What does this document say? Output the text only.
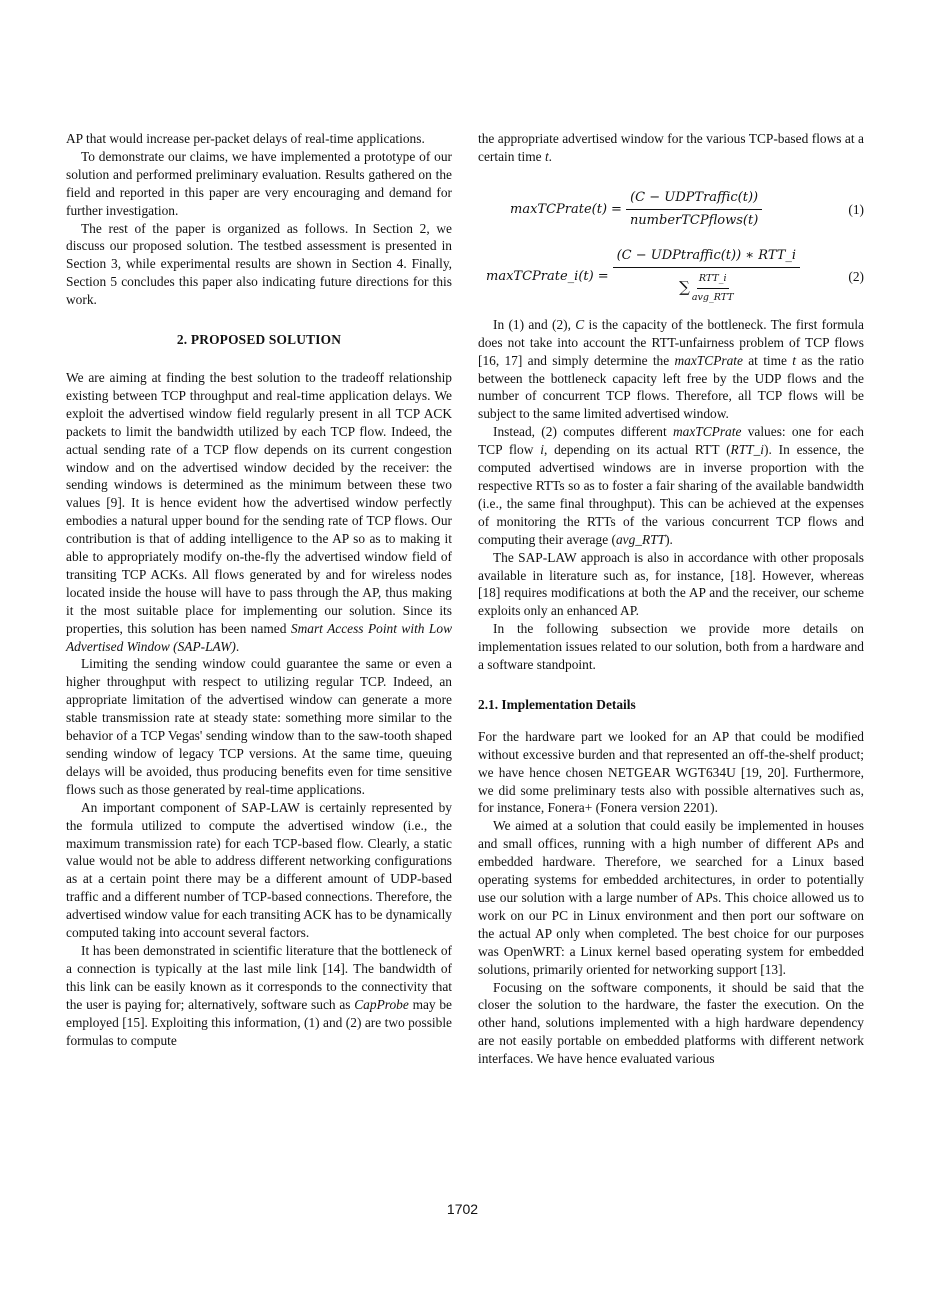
AP that would increase per-packet delays of real-time applications.

To demonstrate our claims, we have implemented a prototype of our solution and performed preliminary evaluation. Results gathered on the field and reported in this paper are very encouraging and demand for further investigation.

The rest of the paper is organized as follows. In Section 2, we discuss our proposed solution. The testbed assessment is presented in Section 3, while experimental results are shown in Section 4. Finally, Section 5 concludes this paper also indicating future directions for this work.

2. PROPOSED SOLUTION

We are aiming at finding the best solution to the tradeoff relationship existing between TCP throughput and real-time application delays. We exploit the advertised window field regularly present in all TCP ACK packets to limit the bandwidth utilized by each TCP flow. Indeed, the actual sending rate of a TCP flow depends on its current congestion window and on the advertised window decided by the receiver: the sending windows is determined as the minimum between these two values [9]. It is hence evident how the advertised window perfectly embodies a natural upper bound for the sending rate of TCP flows. Our contribution is that of adding intelligence to the AP so as to making it able to appropriately modify on-the-fly the advertised window field of transiting TCP ACKs. All flows generated by and for wireless nodes located inside the house will have to pass through the AP, thus making it the most suitable place for implementing our solution. Since its properties, this solution has been named Smart Access Point with Low Advertised Window (SAP-LAW).

Limiting the sending window could guarantee the same or even a higher throughput with respect to utilizing regular TCP. Indeed, an appropriate limitation of the advertised window can generate a more stable transmission rate at steady state: something more similar to the behavior of a TCP Vegas' sending window than to the saw-tooth shaped sending window of legacy TCP versions. At the same time, queuing delays will be avoided, thus producing benefits even for time sensitive flows such as those generated by real-time applications.

An important component of SAP-LAW is certainly represented by the formula utilized to compute the advertised window (i.e., the maximum transmission rate) for each TCP-based flow. Clearly, a static value would not be able to address different networking configurations as at a certain point there may be a different amount of UDP-based traffic and a different number of TCP-based connections. Therefore, the advertised window value for each transiting ACK has to be dynamically computed taking into account several factors.

It has been demonstrated in scientific literature that the bottleneck of a connection is typically at the last mile link [14]. The bandwidth of this link can be easily known as it corresponds to the connectivity that the user is paying for; alternatively, software such as CapProbe may be employed [15]. Exploiting this information, (1) and (2) are two possible formulas to compute

the appropriate advertised window for the various TCP-based flows at a certain time t.

maxTCPrate(t) = $\frac{\text{(C − UDPTraffic(t))}}{\text{numberTCPflows(t)}}$	(1)
maxTCPrate_i(t) = (C − UDPtraffic(t)) ∗ RTT_i
∑ RTT_i
avg_RTT	(2)

In (1) and (2), C is the capacity of the bottleneck. The first formula does not take into account the RTT-unfairness problem of TCP flows [16, 17] and simply determine the maxTCPrate at time t as the ratio between the bottleneck capacity left free by the UDP flows and the number of concurrent TCP flows. Therefore, all TCP flows will be subject to the same limited advertised window.

Instead, (2) computes different maxTCPrate values: one for each TCP flow i, depending on its actual RTT (RTT_i). In essence, the computed advertised windows are in inverse proportion with the respective RTTs so as to foster a fair sharing of the available bandwidth (i.e., the same final throughput). This can be achieved at the expenses of monitoring the RTTs of the various concurrent TCP flows and computing their average (avg_RTT).

The SAP-LAW approach is also in accordance with other proposals available in literature such as, for instance, [18]. However, whereas [18] requires modifications at both the AP and the receiver, our scheme exploits only an enhanced AP.

In the following subsection we provide more details on implementation issues related to our solution, both from a hardware and a software standpoint.

2.1. Implementation Details

For the hardware part we looked for an AP that could be modified without excessive burden and that represented an off-the-shelf product; we have hence chosen NETGEAR WGT634U [19, 20]. Furthermore, we did some preliminary tests also with possible alternatives such as, for instance, Fonera+ (Fonera version 2201).

We aimed at a solution that could easily be implemented in houses and small offices, running with a high number of different APs and embedded hardware. Therefore, we searched for a Linux based operating systems for embedded architectures, in order to potentially use our solution with a large number of APs. This choice allowed us to work on our PC in Linux environment and then port our software on the actual AP only when completed. The best choice for our purposes was OpenWRT: a Linux kernel based operating system for embedded solutions, primarily oriented for networking support [13].

Focusing on the software components, it should be said that the closer the solution to the hardware, the faster the execution. On the other hand, solutions implemented with a high hardware dependency are not easily portable on embedded platforms with different network interfaces. We have hence evaluated various

1702
